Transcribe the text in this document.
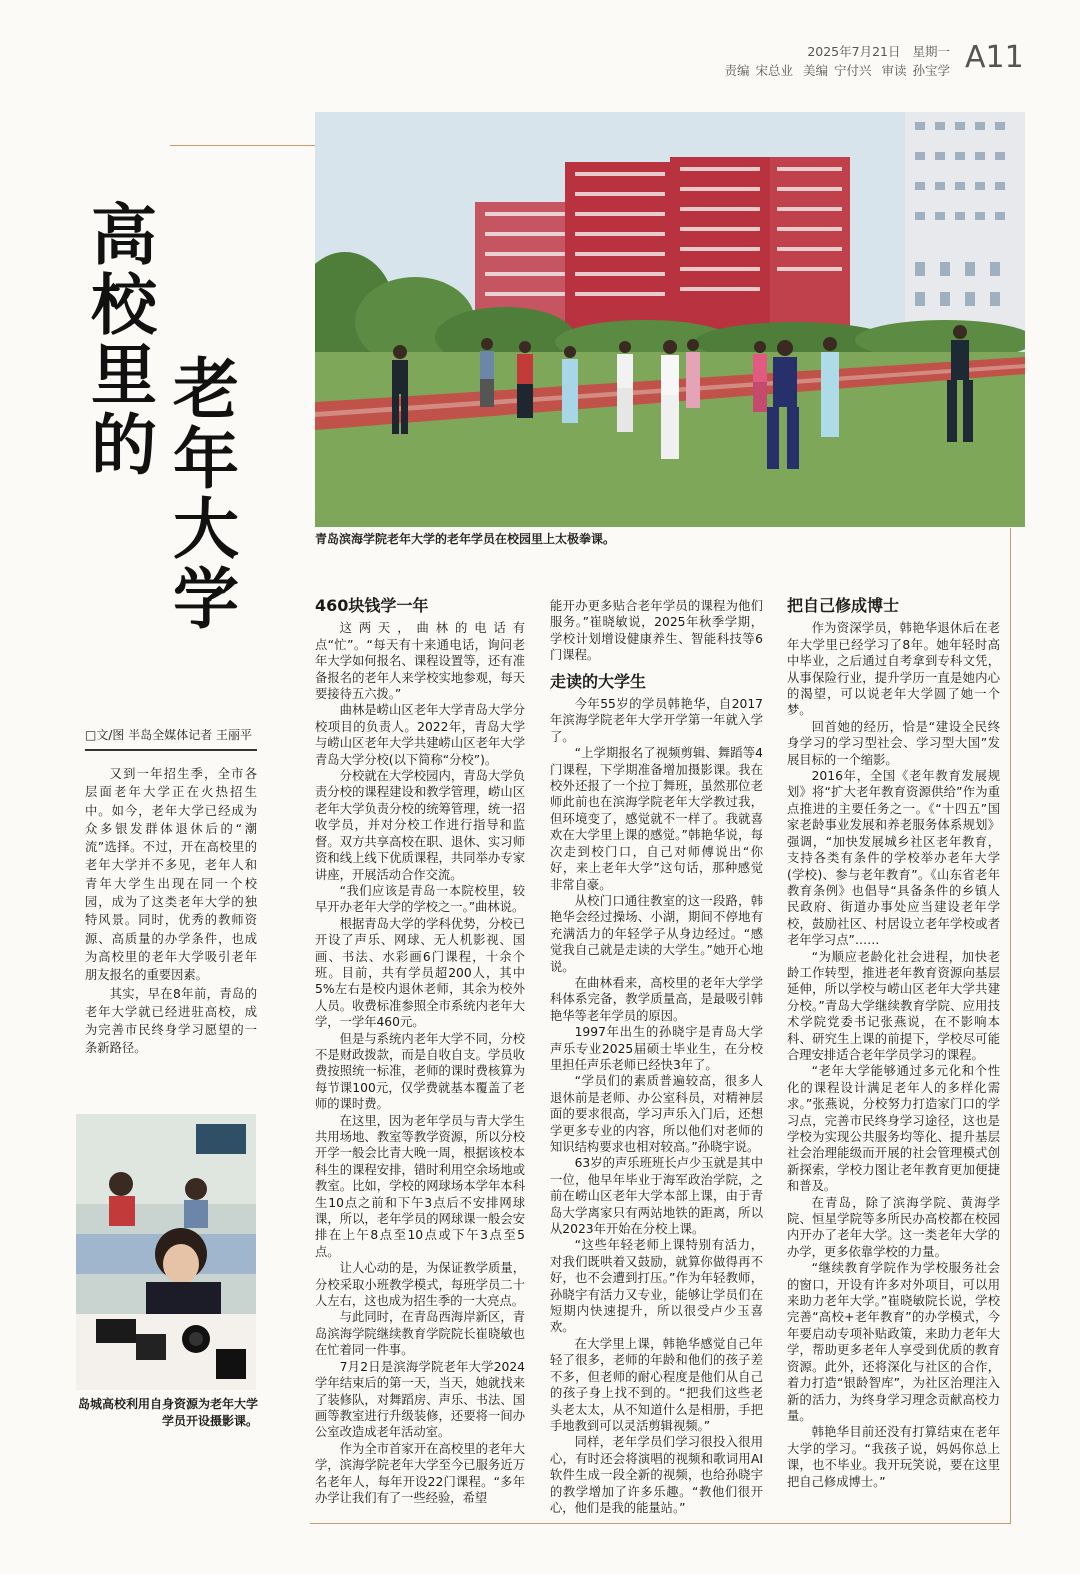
2025年7月21日 星期一
责编 宋总业 美编 宁付兴 审读 孙宝学 A11
青岛滨海学院老年大学的老年学员在校园里上太极拳课。
高校里的
老年大学
□文/图 半岛全媒体记者 王丽平

又到一年招生季，全市各层面老年大学正在火热招生中。如今，老年大学已经成为众多银发群体退休后的“潮流”选择。不过，开在高校里的老年大学并不多见，老年人和青年大学生出现在同一个校园，成为了这类老年大学的独特风景。同时，优秀的教师资源、高质量的办学条件，也成为高校里的老年大学吸引老年朋友报名的重要因素。

其实，早在8年前，青岛的老年大学就已经进驻高校，成为完善市民终身学习愿望的一条新路径。

岛城高校利用自身资源为老年大学学员开设摄影课。
460块钱学一年

这两天，曲林的电话有点“忙”。“每天有十来通电话，询问老年大学如何报名、课程设置等，还有准备报名的老年人来学校实地参观，每天要接待五六拨。”

曲林是崂山区老年大学青岛大学分校项目的负责人。2022年，青岛大学与崂山区老年大学共建崂山区老年大学青岛大学分校(以下简称“分校”)。

分校就在大学校园内，青岛大学负责分校的课程建设和教学管理，崂山区老年大学负责分校的统筹管理，统一招收学员，并对分校工作进行指导和监督。双方共享高校在职、退休、实习师资和线上线下优质课程，共同举办专家讲座，开展活动合作交流。

“我们应该是青岛一本院校里，较早开办老年大学的学校之一。”曲林说。

根据青岛大学的学科优势，分校已开设了声乐、网球、无人机影视、国画、书法、水彩画6门课程，十余个班。目前，共有学员超200人，其中5%左右是校内退休老师，其余为校外人员。收费标准参照全市系统内老年大学，一学年460元。

但是与系统内老年大学不同，分校不是财政拨款，而是自收自支。学员收费按照统一标准，老师的课时费核算为每节课100元，仅学费就基本覆盖了老师的课时费。

在这里，因为老年学员与青大学生共用场地、教室等教学资源，所以分校开学一般会比青大晚一周，根据该校本科生的课程安排，错时利用空余场地或教室。比如，学校的网球场本学年本科生10点之前和下午3点后不安排网球课，所以，老年学员的网球课一般会安排在上午8点至10点或下午3点至5点。

让人心动的是，为保证教学质量，分校采取小班教学模式，每班学员二十人左右，这也成为招生季的一大亮点。

与此同时，在青岛西海岸新区，青岛滨海学院继续教育学院院长崔晓敏也在忙着同一件事。

7月2日是滨海学院老年大学2024学年结束后的第一天，当天，她就找来了装修队，对舞蹈房、声乐、书法、国画等教室进行升级装修，还要将一间办公室改造成老年活动室。

作为全市首家开在高校里的老年大学，滨海学院老年大学至今已服务近万名老年人，每年开设22门课程。“多年办学让我们有了一些经验，希望

能开办更多贴合老年学员的课程为他们服务。”崔晓敏说，2025年秋季学期，学校计划增设健康养生、智能科技等6门课程。

走读的大学生

今年55岁的学员韩艳华，自2017年滨海学院老年大学开学第一年就入学了。

“上学期报名了视频剪辑、舞蹈等4门课程，下学期准备增加摄影课。我在校外还报了一个拉丁舞班，虽然那位老师此前也在滨海学院老年大学教过我，但环境变了，感觉就不一样了。我就喜欢在大学里上课的感觉。”韩艳华说，每次走到校门口，自己对师傅说出“你好，来上老年大学”这句话，那种感觉非常自豪。

从校门口通往教室的这一段路，韩艳华会经过操场、小湖，期间不停地有充满活力的年轻学子从身边经过。“感觉我自己就是走读的大学生。”她开心地说。

在曲林看来，高校里的老年大学学科体系完备，教学质量高，是最吸引韩艳华等老年学员的原因。

1997年出生的孙晓宇是青岛大学声乐专业2025届硕士毕业生，在分校里担任声乐老师已经快3年了。

“学员们的素质普遍较高，很多人退休前是老师、办公室科员，对精神层面的要求很高，学习声乐入门后，还想学更多专业的内容，所以他们对老师的知识结构要求也相对较高。”孙晓宇说。

63岁的声乐班班长卢少玉就是其中一位，他早年毕业于海军政治学院，之前在崂山区老年大学本部上课，由于青岛大学离家只有两站地铁的距离，所以从2023年开始在分校上课。

“这些年轻老师上课特别有活力，对我们既哄着又鼓励，就算你做得再不好，也不会遭到打压。”作为年轻教师，孙晓宇有活力又专业，能够让学员们在短期内快速提升，所以很受卢少玉喜欢。

在大学里上课，韩艳华感觉自己年轻了很多，老师的年龄和他们的孩子差不多，但老师的耐心程度是他们从自己的孩子身上找不到的。“把我们这些老头老太太，从不知道什么是相册，手把手地教到可以灵活剪辑视频。”

同样，老年学员们学习很投入很用心，有时还会将演唱的视频和歌词用AI软件生成一段全新的视频，也给孙晓宇的教学增加了许多乐趣。“教他们很开心，他们是我的能量站。”

把自己修成博士

作为资深学员，韩艳华退休后在老年大学里已经学习了8年。她年轻时高中毕业，之后通过自考拿到专科文凭，从事保险行业，提升学历一直是她内心的渴望，可以说老年大学圆了她一个梦。

回首她的经历，恰是“建设全民终身学习的学习型社会、学习型大国”发展目标的一个缩影。

2016年，全国《老年教育发展规划》将“扩大老年教育资源供给”作为重点推进的主要任务之一。《“十四五”国家老龄事业发展和养老服务体系规划》强调，“加快发展城乡社区老年教育，支持各类有条件的学校举办老年大学(学校)、参与老年教育”。《山东省老年教育条例》也倡导“具备条件的乡镇人民政府、街道办事处应当建设老年学校，鼓励社区、村居设立老年学校或者老年学习点”……

“为顺应老龄化社会进程，加快老龄工作转型，推进老年教育资源向基层延伸，所以学校与崂山区老年大学共建分校。”青岛大学继续教育学院、应用技术学院党委书记张燕说，在不影响本科、研究生上课的前提下，学校尽可能合理安排适合老年学员学习的课程。

“老年大学能够通过多元化和个性化的课程设计满足老年人的多样化需求。”张燕说，分校努力打造家门口的学习点，完善市民终身学习途径，这也是学校为实现公共服务均等化、提升基层社会治理能级而开展的社会管理模式创新探索，学校力图让老年教育更加便捷和普及。

在青岛，除了滨海学院、黄海学院、恒星学院等多所民办高校都在校园内开办了老年大学。这一类老年大学的办学，更多依靠学校的力量。

“继续教育学院作为学校服务社会的窗口，开设有许多对外项目，可以用来助力老年大学。”崔晓敏院长说，学校完善“高校+老年教育”的办学模式，今年要启动专项补贴政策，来助力老年大学，帮助更多老年人享受到优质的教育资源。此外，还将深化与社区的合作，着力打造“银龄智库”，为社区治理注入新的活力，为终身学习理念贡献高校力量。

韩艳华目前还没有打算结束在老年大学的学习。“我孩子说，妈妈你总上课，也不毕业。我开玩笑说，要在这里把自己修成博士。”
